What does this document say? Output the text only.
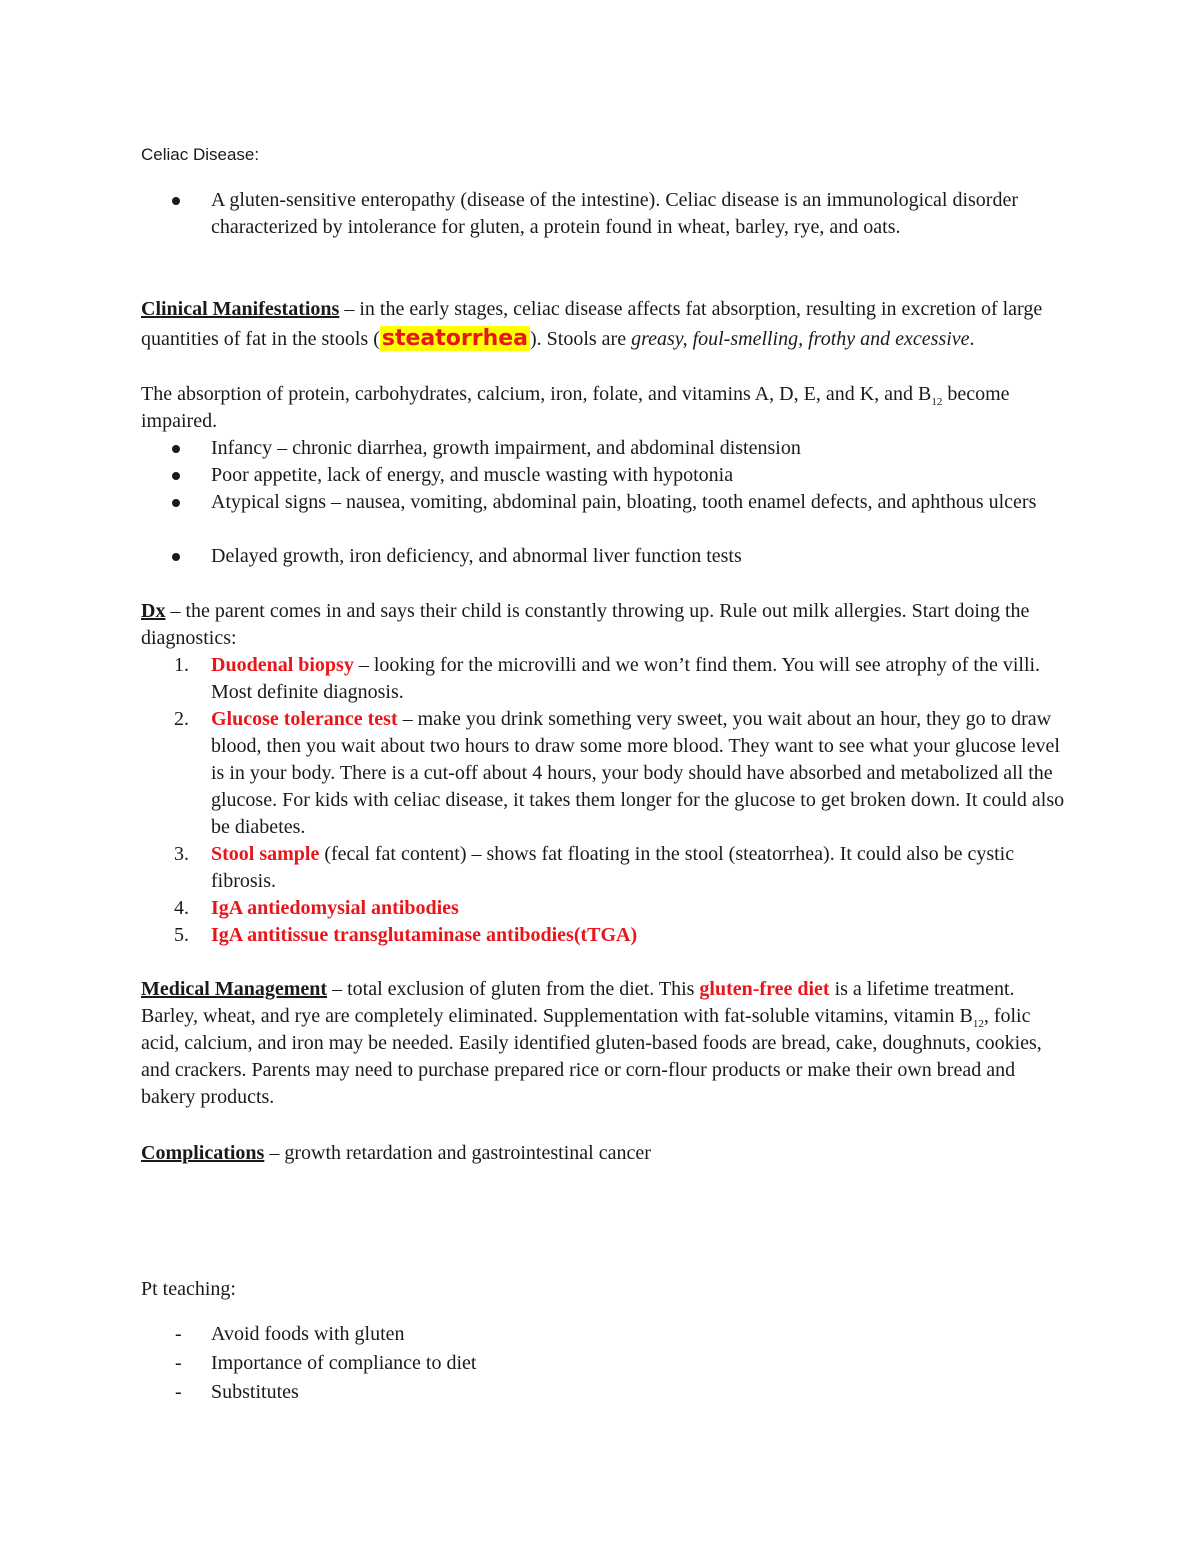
Celiac Disease:
A gluten-sensitive enteropathy (disease of the intestine). Celiac disease is an immunological disorder characterized by intolerance for gluten, a protein found in wheat, barley, rye, and oats.
Clinical Manifestations – in the early stages, celiac disease affects fat absorption, resulting in excretion of large quantities of fat in the stools (steatorrhea ). Stools are greasy, foul-smelling, frothy and excessive.
The absorption of protein, carbohydrates, calcium, iron, folate, and vitamins A, D, E, and K, and $B_{12}$ become impaired.
Infancy – chronic diarrhea, growth impairment, and abdominal distension
Poor appetite, lack of energy, and muscle wasting with hypotonia
Atypical signs – nausea, vomiting, abdominal pain, bloating, tooth enamel defects, and aphthous ulcers
Delayed growth, iron deficiency, and abnormal liver function tests
Dx – the parent comes in and says their child is constantly throwing up. Rule out milk allergies. Start doing the diagnostics:
1. Duodenal biopsy – looking for the microvilli and we won’t find them. You will see atrophy of the villi. Most definite diagnosis.
2. Glucose tolerance test – make you drink something very sweet, you wait about an hour, they go to draw blood, then you wait about two hours to draw some more blood. They want to see what your glucose level is in your body. There is a cut-off about 4 hours, your body should have absorbed and metabolized all the glucose. For kids with celiac disease, it takes them longer for the glucose to get broken down. It could also be diabetes.
3. Stool sample (fecal fat content) – shows fat floating in the stool (steatorrhea). It could also be cystic fibrosis.
4. IgA antiedomysial antibodies
5. IgA antitissue transglutaminase antibodies(tTGA)
Medical Management – total exclusion of gluten from the diet. This gluten-free diet is a lifetime treatment. Barley, wheat, and rye are completely eliminated. Supplementation with fat-soluble vitamins, vitamin $B_{12}$, folic acid, calcium, and iron may be needed. Easily identified gluten-based foods are bread, cake, doughnuts, cookies, and crackers. Parents may need to purchase prepared rice or corn-flour products or make their own bread and bakery products.
Complications – growth retardation and gastrointestinal cancer
Pt teaching:
- Avoid foods with gluten
- Importance of compliance to diet
- Substitutes
